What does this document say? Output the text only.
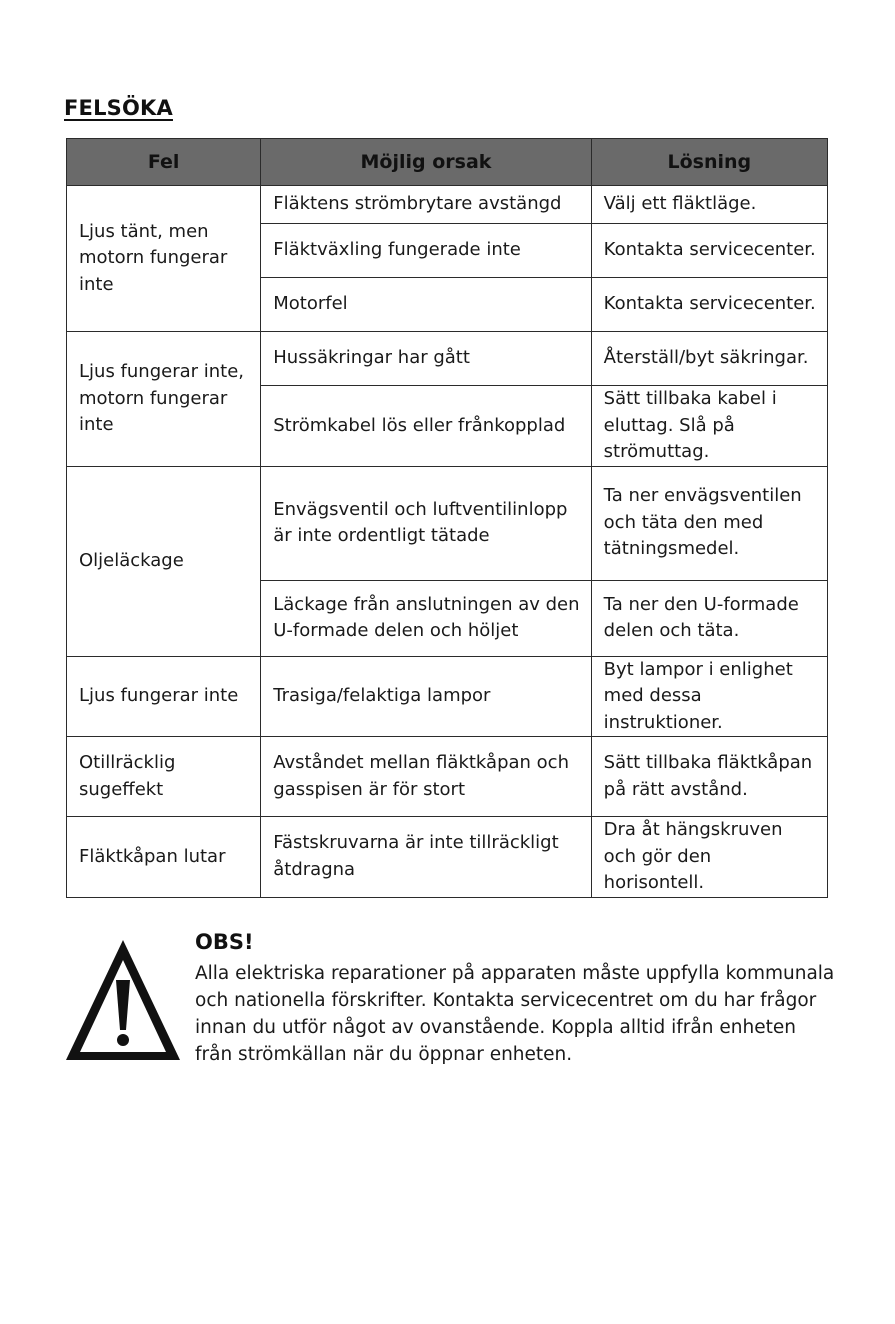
FELSÖKA
Fel	Möjlig orsak	Lösning
Ljus tänt, men motorn fungerar inte	Fläktens strömbrytare avstängd	Välj ett fläktläge.
	Fläktväxling fungerade inte	Kontakta servicecenter.
	Motorfel	Kontakta servicecenter.
Ljus fungerar inte, motorn fungerar inte	Hussäkringar har gått	Återställ/byt säkringar.
	Strömkabel lös eller frånkopplad	Sätt tillbaka kabel i eluttag. Slå på strömuttag.
Oljeläckage	Envägsventil och luftventilinlopp är inte ordentligt tätade	Ta ner envägsventilen och täta den med tätningsmedel.
	Läckage från anslutningen av den U-formade delen och höljet	Ta ner den U-formade delen och täta.
Ljus fungerar inte	Trasiga/felaktiga lampor	Byt lampor i enlighet med dessa instruktioner.
Otillräcklig sugeffekt	Avståndet mellan fläktkåpan och gasspisen är för stort	Sätt tillbaka fläktkåpan på rätt avstånd.
Fläktkåpan lutar	Fästskruvarna är inte tillräckligt åtdragna	Dra åt hängskruven och gör den horisontell.
OBS!
Alla elektriska reparationer på apparaten måste uppfylla kommunala och nationella förskrifter. Kontakta servicecentret om du har frågor innan du utför något av ovanstående. Koppla alltid ifrån enheten från strömkällan när du öppnar enheten.
